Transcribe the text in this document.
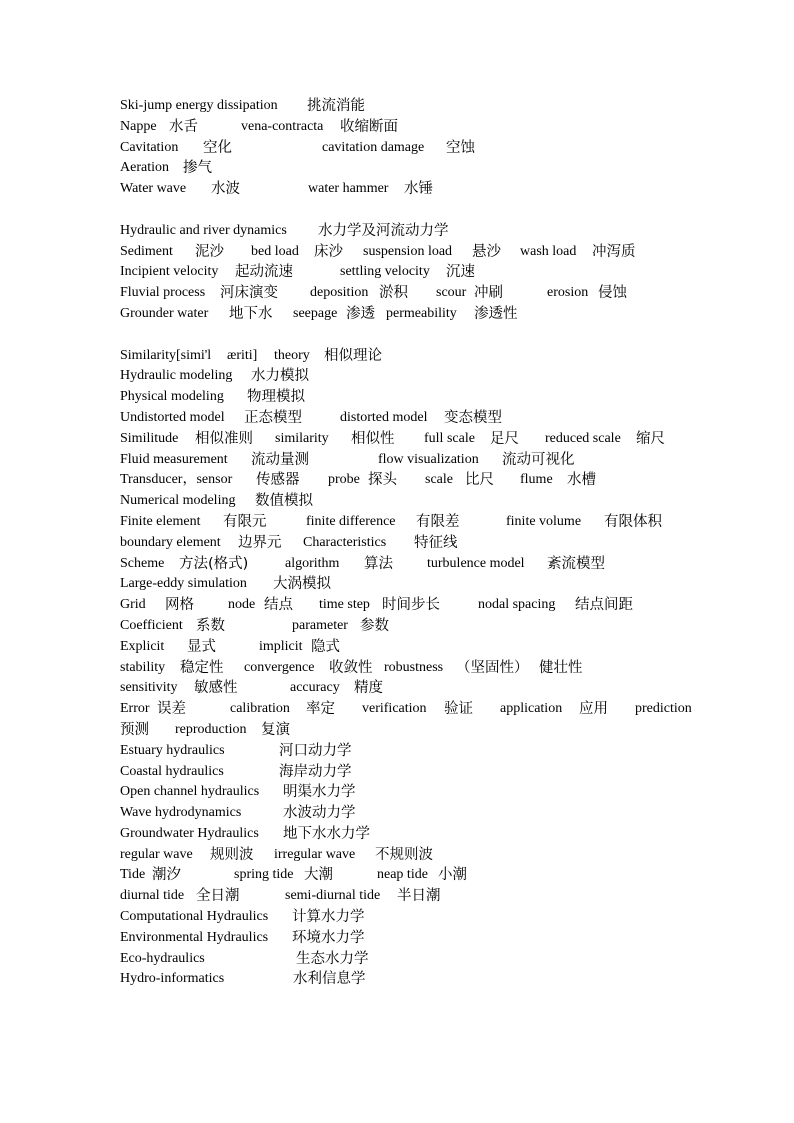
Ski-jump energy dissipation 挑流消能
Nappe 水舌	vena-contracta 收缩断面
Cavitation 空化	cavitation damage 空蚀
Aeration 掺气
Water wave 水波	water hammer 水锤
Hydraulic and river dynamics 水力学及河流动力学
Sediment 泥沙 bed load 床沙 suspension load 悬沙 wash load 冲泻质
Incipient velocity 起动流速	settling velocity 沉速
Fluvial process 河床演变 deposition 淤积 scour 冲刷	erosion 侵蚀
Grounder water 地下水 seepage 渗透 permeability 渗透性
Similarity[simi'l æriti] theory 相似理论
Hydraulic modeling 水力模拟
Physical modeling 物理模拟
Undistorted model 正态模型	distorted model 变态模型
Similitude 相似准则 similarity 相似性 full scale 足尺 reduced scale 缩尺
Fluid measurement 流动量测	flow visualization 流动可视化
Transducer，sensor 传感器 probe 探头 scale 比尺 flume 水槽
Numerical modeling 数值模拟
Finite element 有限元	finite difference 有限差	finite volume 有限体积
boundary element 边界元 Characteristics 特征线
Scheme 方法(格式)	algorithm 算法 turbulence model 紊流模型
Large-eddy simulation 大涡模拟
Grid 网格 node 结点 time step 时间步长	nodal spacing 结点间距
Coefficient 系数	parameter 参数
Explicit 显式	implicit 隐式
stability 稳定性 convergence 收敛性 robustness （坚固性） 健壮性
sensitivity 敏感性	accuracy 精度
Error 误差	calibration 率定 verification 验证 application 应用 prediction
预测 reproduction 复演
Estuary hydraulics	河口动力学
Coastal hydraulics	海岸动力学
Open channel hydraulics 明渠水力学
Wave hydrodynamics	水波动力学
Groundwater Hydraulics 地下水水力学
regular wave 规则波 irregular wave 不规则波
Tide 潮汐	spring tide 大潮	neap tide 小潮
diurnal tide 全日潮	semi-diurnal tide 半日潮
Computational Hydraulics 计算水力学
Environmental Hydraulics 环境水力学
Eco-hydraulics	生态水力学
Hydro-informatics	水利信息学
